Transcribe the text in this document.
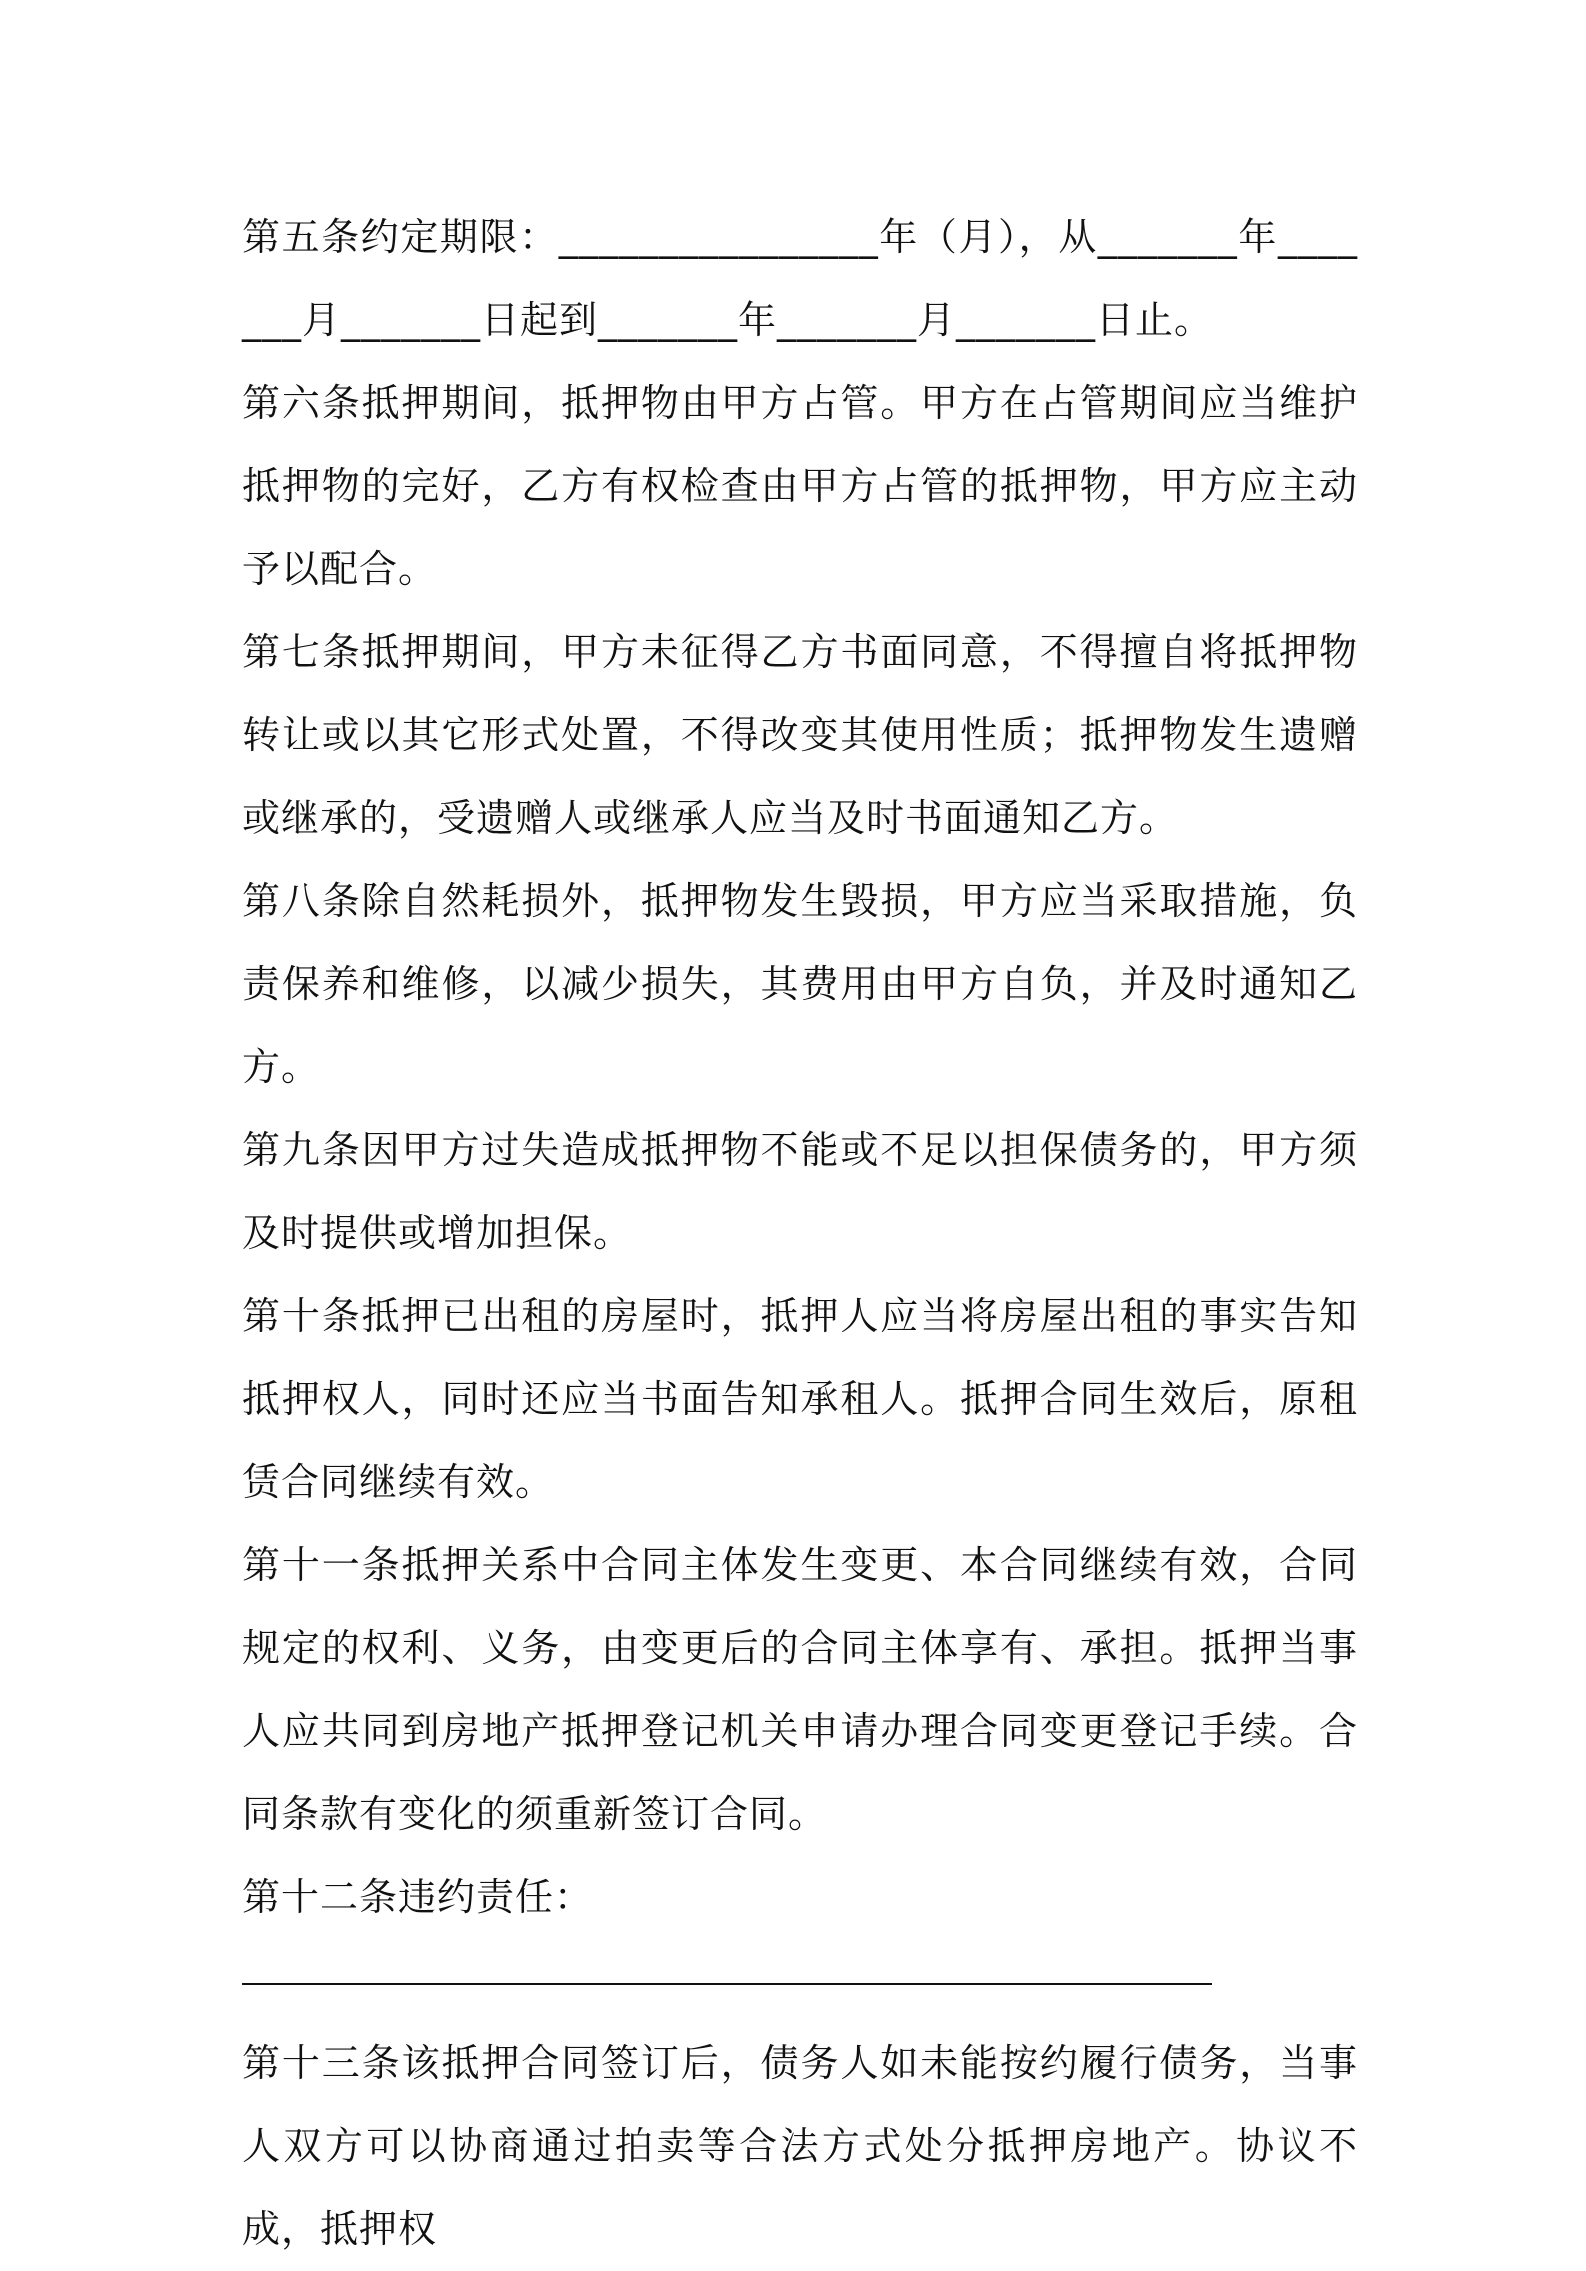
第五条约定期限：________________年（月），从_______年_______月_______日起到_______年_______月_______日止。

第六条抵押期间，抵押物由甲方占管。甲方在占管期间应当维护抵押物的完好，乙方有权检查由甲方占管的抵押物，甲方应主动予以配合。

第七条抵押期间，甲方未征得乙方书面同意，不得擅自将抵押物转让或以其它形式处置，不得改变其使用性质；抵押物发生遗赠或继承的，受遗赠人或继承人应当及时书面通知乙方。

第八条除自然耗损外，抵押物发生毁损，甲方应当采取措施，负责保养和维修，以减少损失，其费用由甲方自负，并及时通知乙方。

第九条因甲方过失造成抵押物不能或不足以担保债务的，甲方须及时提供或增加担保。

第十条抵押已出租的房屋时，抵押人应当将房屋出租的事实告知抵押权人，同时还应当书面告知承租人。抵押合同生效后，原租赁合同继续有效。

第十一条抵押关系中合同主体发生变更、本合同继续有效，合同规定的权利、义务，由变更后的合同主体享有、承担。抵押当事人应共同到房地产抵押登记机关申请办理合同变更登记手续。合同条款有变化的须重新签订合同。

第十二条违约责任：

第十三条该抵押合同签订后，债务人如未能按约履行债务，当事人双方可以协商通过拍卖等合法方式处分抵押房地产。协议不成，抵押权
